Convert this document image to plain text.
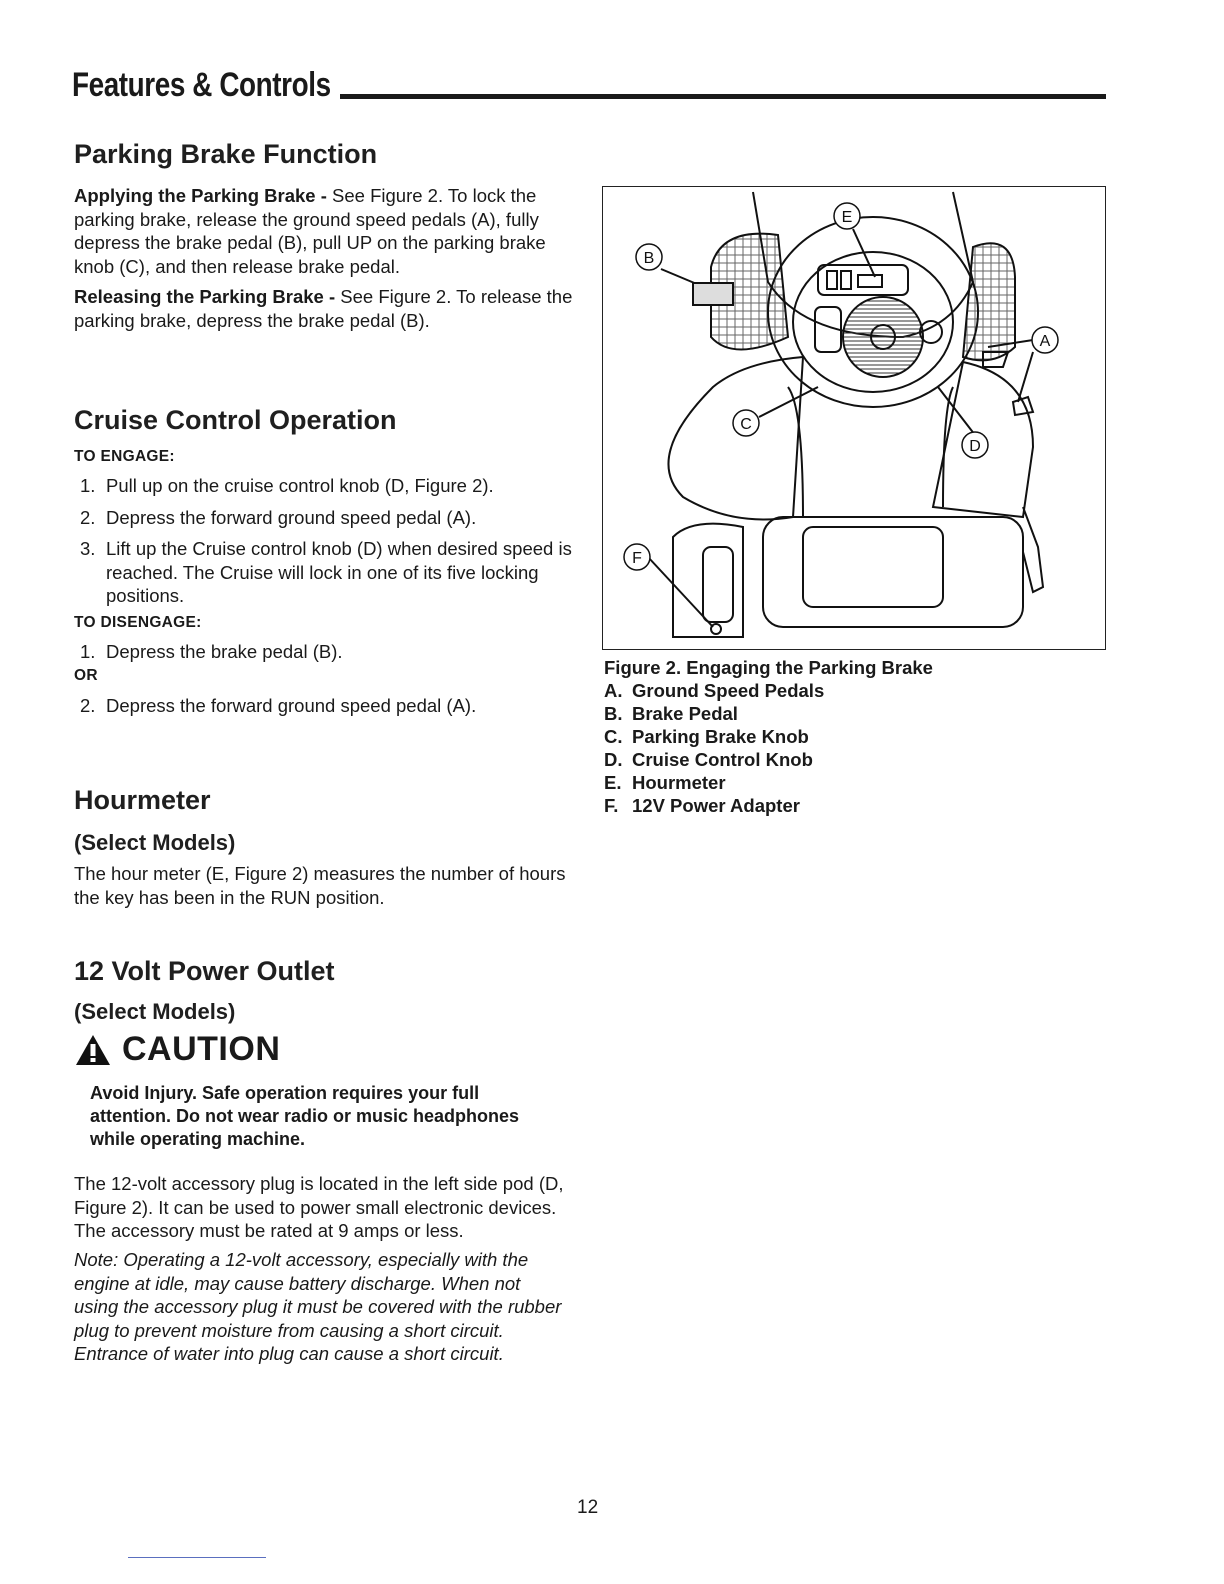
Features & Controls
Parking Brake Function

Applying the Parking Brake - See Figure 2. To lock the parking brake, release the ground speed pedals (A), fully depress the brake pedal (B), pull UP on the parking brake knob (C), and then release brake pedal.

Releasing the Parking Brake - See Figure 2. To release the parking brake, depress the brake pedal (B).

Cruise Control Operation
TO ENGAGE:
1. Pull up on the cruise control knob (D, Figure 2).
2. Depress the forward ground speed pedal (A).
3. Lift up the Cruise control knob (D) when desired speed is reached. The Cruise will lock in one of its five locking positions.
TO DISENGAGE:
1. Depress the brake pedal (B).
OR
2. Depress the forward ground speed pedal (A).
Hourmeter
(Select Models)

The hour meter (E, Figure 2) measures the number of hours the key has been in the RUN position.

12 Volt Power Outlet
(Select Models)
CAUTION
Avoid Injury. Safe operation requires your full attention. Do not wear radio or music headphones while operating machine.

The 12-volt accessory plug is located in the left side pod (D, Figure 2). It can be used to power small electronic devices. The accessory must be rated at 9 amps or less.

Note: Operating a 12-volt accessory, especially with the engine at idle, may cause battery discharge. When not using the accessory plug it must be covered with the rubber plug to prevent moisture from causing a short circuit. Entrance of water into plug can cause a short circuit.

E
B
A
C
D
F
Figure 2. Engaging the Parking Brake
A. Ground Speed Pedals
B. Brake Pedal
C. Parking Brake Knob
D. Cruise Control Knob
E. Hourmeter
F. 12V Power Adapter
12
